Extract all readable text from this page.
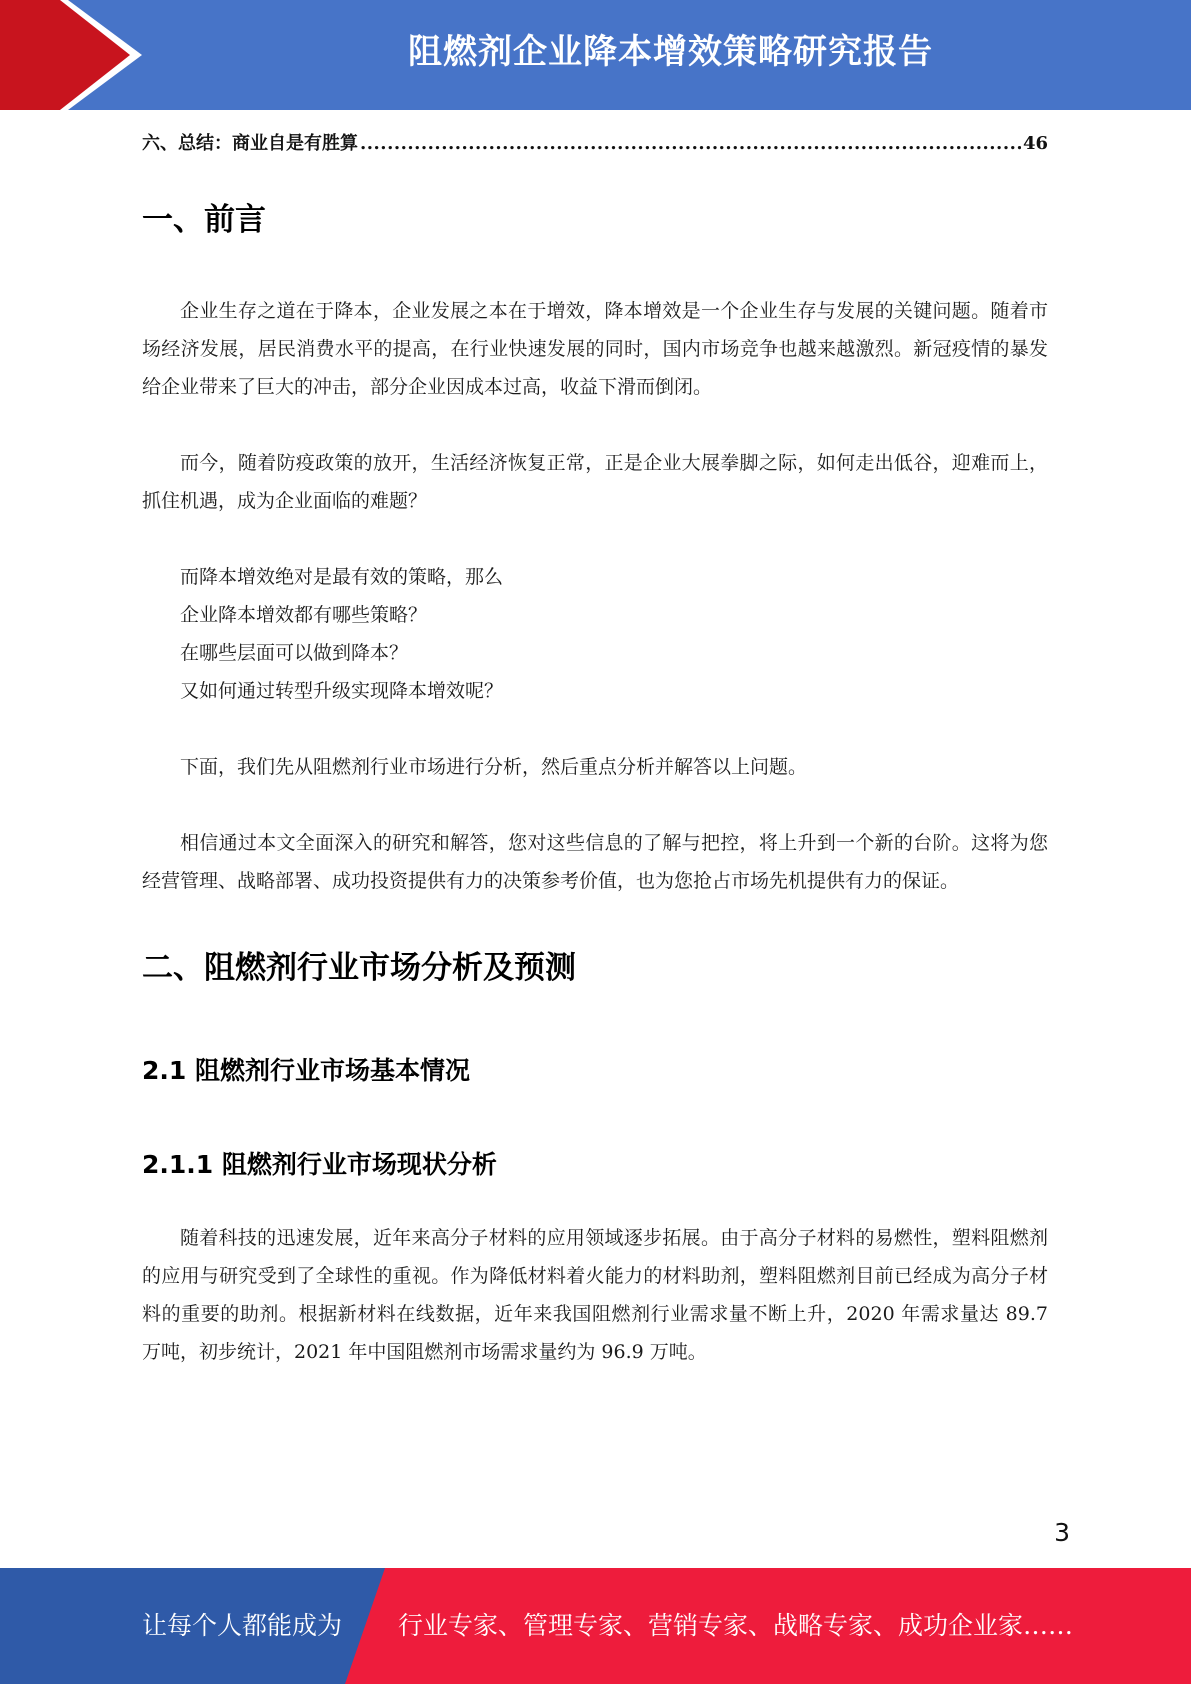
阻燃剂企业降本增效策略研究报告
六、总结：商业自是有胜算
.....	46
一、前言

企业生存之道在于降本，企业发展之本在于增效，降本增效是一个企业生存与发展的关键问题。随着市场经济发展，居民消费水平的提高，在行业快速发展的同时，国内市场竞争也越来越激烈。新冠疫情的暴发给企业带来了巨大的冲击，部分企业因成本过高，收益下滑而倒闭。

而今，随着防疫政策的放开，生活经济恢复正常，正是企业大展拳脚之际，如何走出低谷，迎难而上，抓住机遇，成为企业面临的难题？

而降本增效绝对是最有效的策略，那么

企业降本增效都有哪些策略？

在哪些层面可以做到降本？

又如何通过转型升级实现降本增效呢？

下面，我们先从阻燃剂行业市场进行分析，然后重点分析并解答以上问题。

相信通过本文全面深入的研究和解答，您对这些信息的了解与把控，将上升到一个新的台阶。这将为您经营管理、战略部署、成功投资提供有力的决策参考价值，也为您抢占市场先机提供有力的保证。

二、阻燃剂行业市场分析及预测
2.1 阻燃剂行业市场基本情况
2.1.1 阻燃剂行业市场现状分析

随着科技的迅速发展，近年来高分子材料的应用领域逐步拓展。由于高分子材料的易燃性，塑料阻燃剂的应用与研究受到了全球性的重视。作为降低材料着火能力的材料助剂，塑料阻燃剂目前已经成为高分子材料的重要的助剂。根据新材料在线数据，近年来我国阻燃剂行业需求量不断上升，2020 年需求量达 89.7 万吨，初步统计，2021 年中国阻燃剂市场需求量约为 96.9 万吨。

3
让每个人都能成为 行业专家、管理专家、营销专家、战略专家、成功企业家……
